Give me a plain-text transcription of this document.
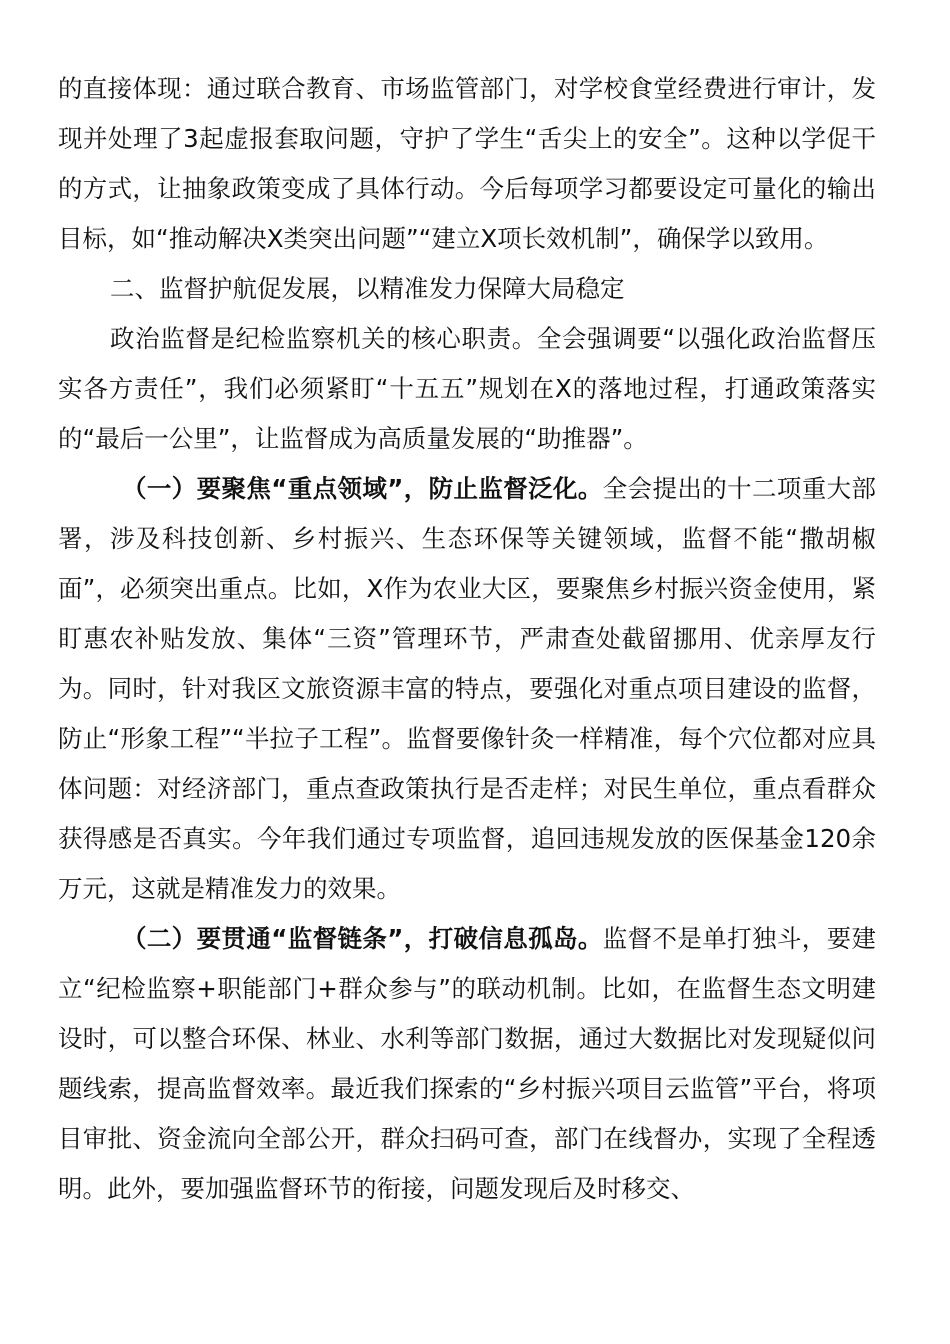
的直接体现：通过联合教育、市场监管部门，对学校食堂经费进行审计，发现并处理了3起虚报套取问题，守护了学生“舌尖上的安全”。这种以学促干的方式，让抽象政策变成了具体行动。今后每项学习都要设定可量化的输出目标，如“推动解决X类突出问题”“建立X项长效机制”，确保学以致用。

二、监督护航促发展，以精准发力保障大局稳定

政治监督是纪检监察机关的核心职责。全会强调要“以强化政治监督压实各方责任”，我们必须紧盯“十五五”规划在X的落地过程，打通政策落实的“最后一公里”，让监督成为高质量发展的“助推器”。

（一）要聚焦“重点领域”，防止监督泛化。全会提出的十二项重大部署，涉及科技创新、乡村振兴、生态环保等关键领域，监督不能“撒胡椒面”，必须突出重点。比如，X作为农业大区，要聚焦乡村振兴资金使用，紧盯惠农补贴发放、集体“三资”管理环节，严肃查处截留挪用、优亲厚友行为。同时，针对我区文旅资源丰富的特点，要强化对重点项目建设的监督，防止“形象工程”“半拉子工程”。监督要像针灸一样精准，每个穴位都对应具体问题：对经济部门，重点查政策执行是否走样；对民生单位，重点看群众获得感是否真实。今年我们通过专项监督，追回违规发放的医保基金120余万元，这就是精准发力的效果。

（二）要贯通“监督链条”，打破信息孤岛。监督不是单打独斗，要建立“纪检监察+职能部门+群众参与”的联动机制。比如，在监督生态文明建设时，可以整合环保、林业、水利等部门数据，通过大数据比对发现疑似问题线索，提高监督效率。最近我们探索的“乡村振兴项目云监管”平台，将项目审批、资金流向全部公开，群众扫码可查，部门在线督办，实现了全程透明。此外，要加强监督环节的衔接，问题发现后及时移交、
